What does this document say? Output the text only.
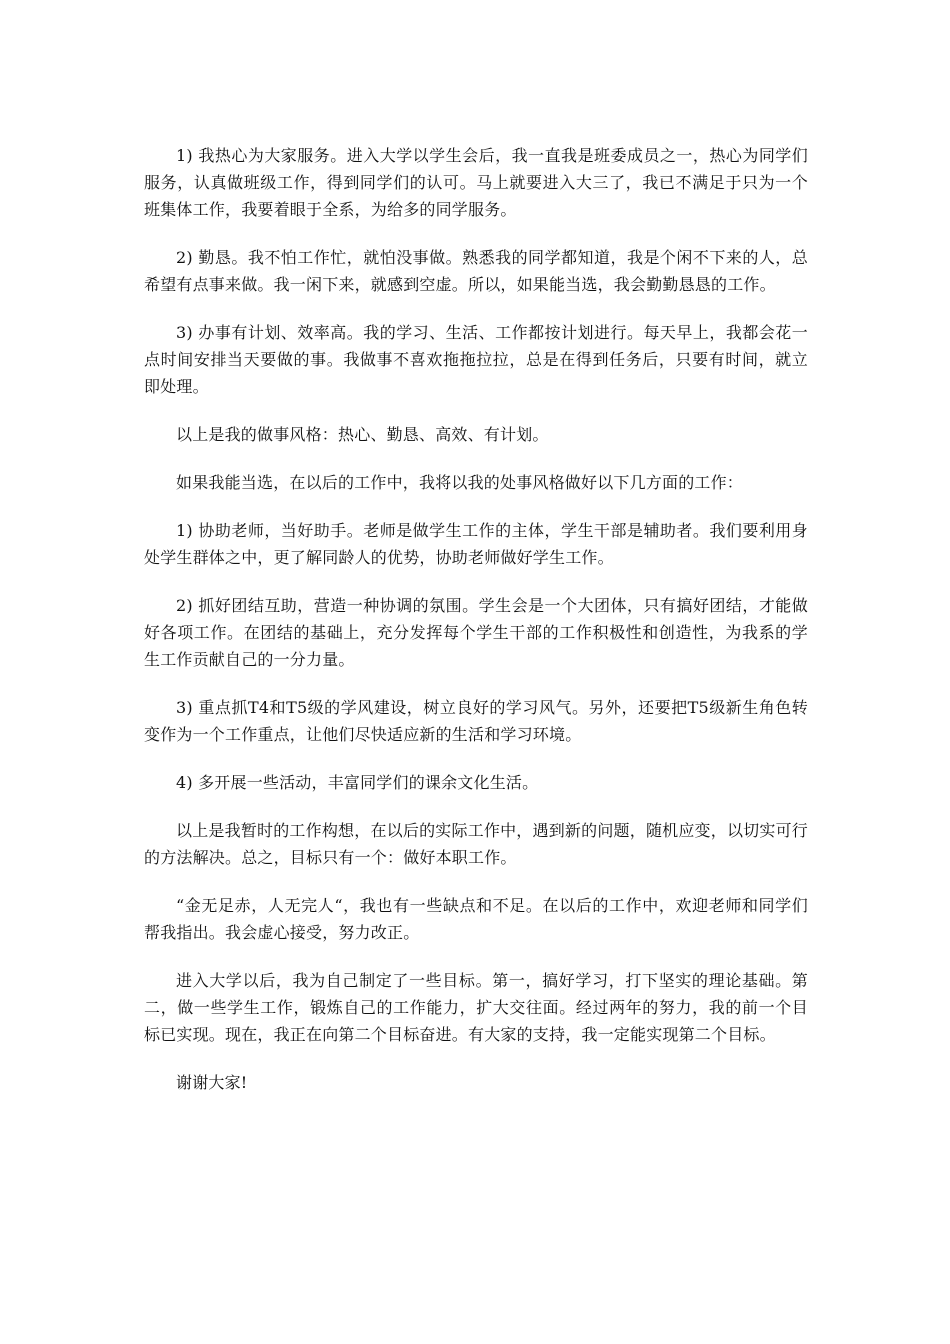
1) 我热心为大家服务。进入大学以学生会后，我一直我是班委成员之一，热心为同学们服务，认真做班级工作，得到同学们的认可。马上就要进入大三了，我已不满足于只为一个班集体工作，我要着眼于全系，为给多的同学服务。

2) 勤恳。我不怕工作忙，就怕没事做。熟悉我的同学都知道，我是个闲不下来的人，总希望有点事来做。我一闲下来，就感到空虚。所以，如果能当选，我会勤勤恳恳的工作。

3) 办事有计划、效率高。我的学习、生活、工作都按计划进行。每天早上，我都会花一点时间安排当天要做的事。我做事不喜欢拖拖拉拉，总是在得到任务后，只要有时间，就立即处理。

以上是我的做事风格：热心、勤恳、高效、有计划。

如果我能当选，在以后的工作中，我将以我的处事风格做好以下几方面的工作：

1) 协助老师，当好助手。老师是做学生工作的主体，学生干部是辅助者。我们要利用身处学生群体之中，更了解同龄人的优势，协助老师做好学生工作。

2) 抓好团结互助，营造一种协调的氛围。学生会是一个大团体，只有搞好团结，才能做好各项工作。在团结的基础上，充分发挥每个学生干部的工作积极性和创造性，为我系的学生工作贡献自己的一分力量。

3) 重点抓T4和T5级的学风建设，树立良好的学习风气。另外，还要把T5级新生角色转变作为一个工作重点，让他们尽快适应新的生活和学习环境。

4) 多开展一些活动，丰富同学们的课余文化生活。

以上是我暂时的工作构想，在以后的实际工作中，遇到新的问题，随机应变，以切实可行的方法解决。总之，目标只有一个：做好本职工作。

“金无足赤，人无完人“，我也有一些缺点和不足。在以后的工作中，欢迎老师和同学们帮我指出。我会虚心接受，努力改正。

进入大学以后，我为自己制定了一些目标。第一，搞好学习，打下坚实的理论基础。第二，做一些学生工作，锻炼自己的工作能力，扩大交往面。经过两年的努力，我的前一个目标已实现。现在，我正在向第二个目标奋进。有大家的支持，我一定能实现第二个目标。

谢谢大家!
